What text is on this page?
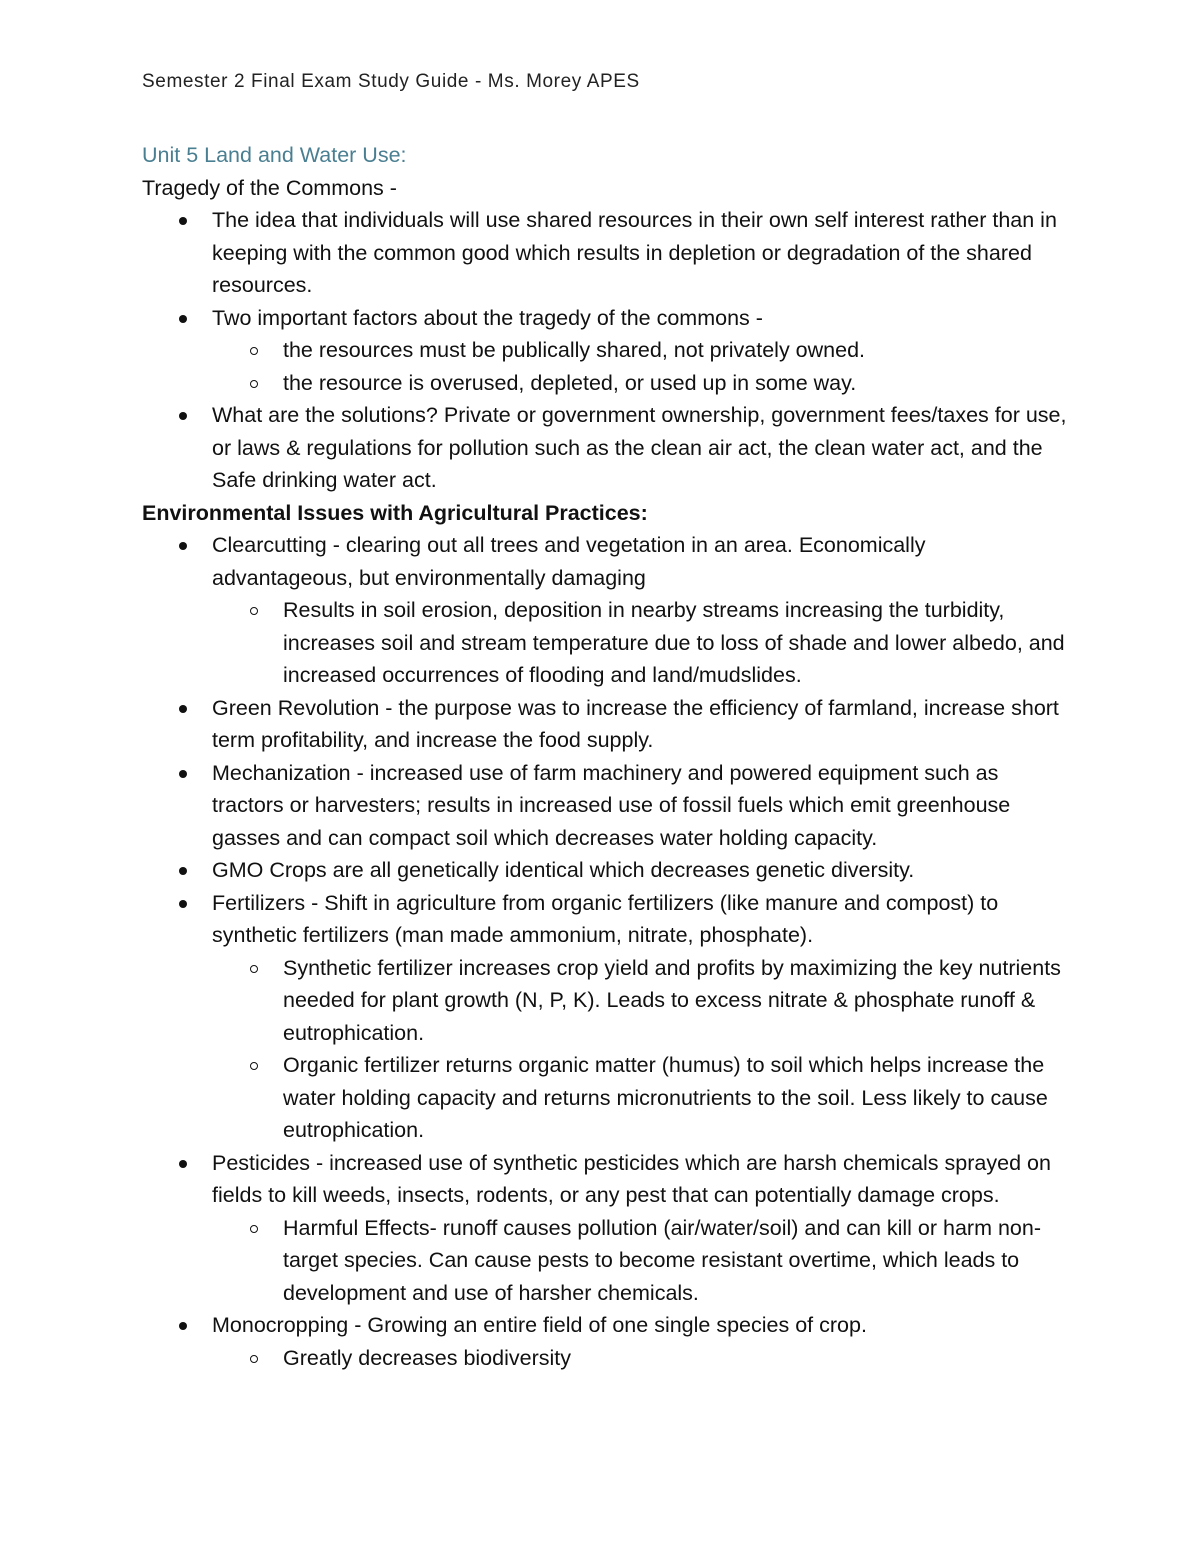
Semester 2 Final Exam Study Guide - Ms. Morey APES

Unit 5 Land and Water Use:

Tragedy of the Commons -

The idea that individuals will use shared resources in their own self interest rather than in keeping with the common good which results in depletion or degradation of the shared resources.
Two important factors about the tragedy of the commons -
the resources must be publically shared, not privately owned.
the resource is overused, depleted, or used up in some way.
What are the solutions? Private or government ownership, government fees/taxes for use, or laws & regulations for pollution such as the clean air act, the clean water act, and the Safe drinking water act.

Environmental Issues with Agricultural Practices:

Clearcutting - clearing out all trees and vegetation in an area. Economically advantageous, but environmentally damaging
Results in soil erosion, deposition in nearby streams increasing the turbidity, increases soil and stream temperature due to loss of shade and lower albedo, and increased occurrences of flooding and land/mudslides.
Green Revolution - the purpose was to increase the efficiency of farmland, increase short term profitability, and increase the food supply.
Mechanization - increased use of farm machinery and powered equipment such as tractors or harvesters; results in increased use of fossil fuels which emit greenhouse gasses and can compact soil which decreases water holding capacity.
GMO Crops are all genetically identical which decreases genetic diversity.
Fertilizers - Shift in agriculture from organic fertilizers (like manure and compost) to synthetic fertilizers (man made ammonium, nitrate, phosphate).
Synthetic fertilizer increases crop yield and profits by maximizing the key nutrients needed for plant growth (N, P, K). Leads to excess nitrate & phosphate runoff & eutrophication.
Organic fertilizer returns organic matter (humus) to soil which helps increase the water holding capacity and returns micronutrients to the soil. Less likely to cause eutrophication.
Pesticides - increased use of synthetic pesticides which are harsh chemicals sprayed on fields to kill weeds, insects, rodents, or any pest that can potentially damage crops.
Harmful Effects- runoff causes pollution (air/water/soil) and can kill or harm non-target species. Can cause pests to become resistant overtime, which leads to development and use of harsher chemicals.
Monocropping - Growing an entire field of one single species of crop.
Greatly decreases biodiversity
